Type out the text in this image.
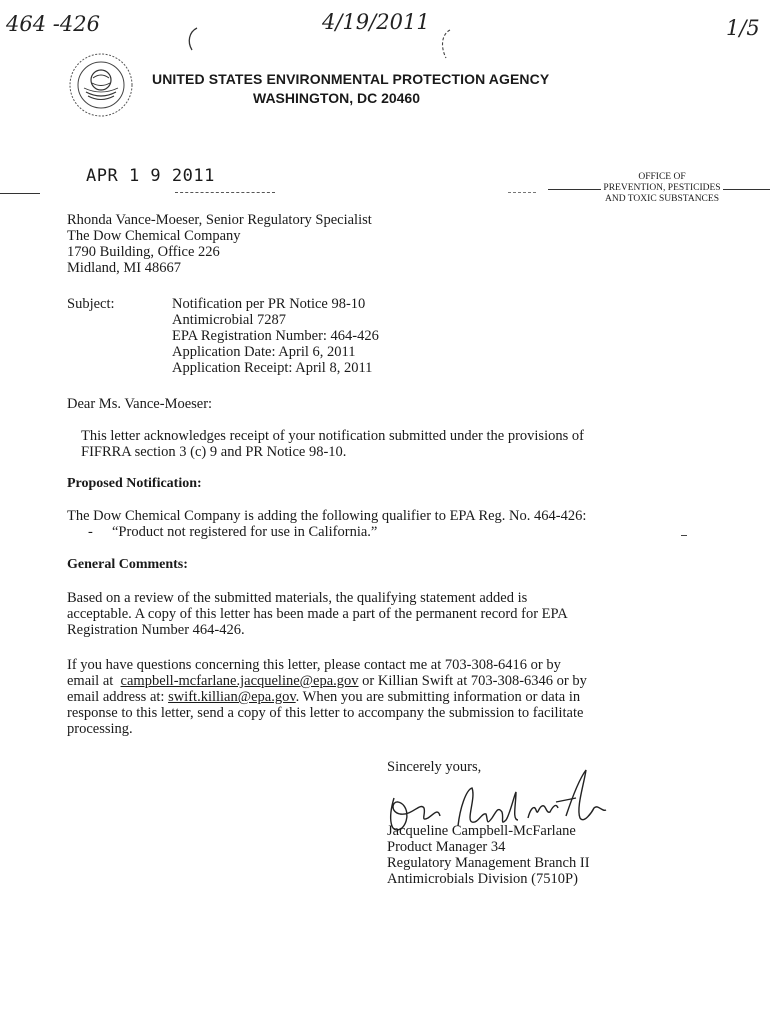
464 -426	4/19/2011	1/5
UNITED STATES ENVIRONMENTAL PROTECTION AGENCY
WASHINGTON, DC 20460
APR 1 9 2011	OFFICE OF
PREVENTION, PESTICIDES
AND TOXIC SUBSTANCES
Rhonda Vance-Moeser, Senior Regulatory Specialist
The Dow Chemical Company
1790 Building, Office 226
Midland, MI 48667
Subject:	Notification per PR Notice 98-10
Antimicrobial 7287
EPA Registration Number: 464-426
Application Date: April 6, 2011
Application Receipt: April 8, 2011
Dear Ms. Vance-Moeser:
This letter acknowledges receipt of your notification submitted under the provisions of
FIFRRA section 3 (c) 9 and PR Notice 98-10.
Proposed Notification:
The Dow Chemical Company is adding the following qualifier to EPA Reg. No. 464-426:
- “Product not registered for use in California.”
General Comments:
Based on a review of the submitted materials, the qualifying statement added is
acceptable. A copy of this letter has been made a part of the permanent record for EPA
Registration Number 464-426.
If you have questions concerning this letter, please contact me at 703-308-6416 or by
email at  campbell-mcfarlane.jacqueline@epa.gov or Killian Swift at 703-308-6346 or by
email address at: swift.killian@epa.gov. When you are submitting information or data in
response to this letter, send a copy of this letter to accompany the submission to facilitate
processing.
Sincerely yours,
Jacqueline Campbell-McFarlane
Product Manager 34
Regulatory Management Branch II
Antimicrobials Division (7510P)
